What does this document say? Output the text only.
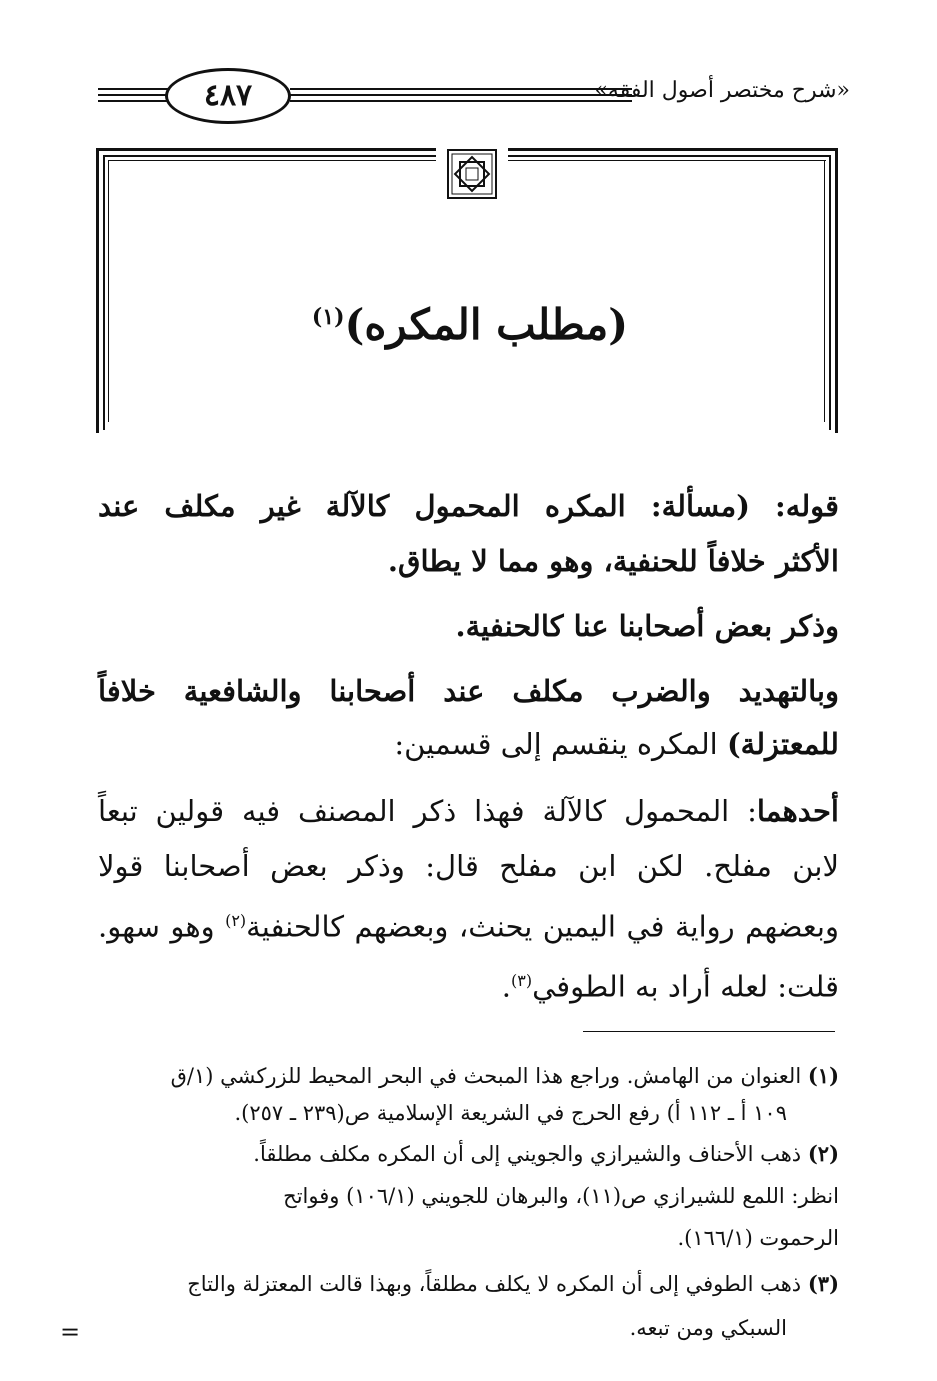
٤٨٧	«شرح مختصر أصول الفقه»
(مطلب المكره)$^{(١)}$
قوله: (مسألة: المكره المحمول كالآلة غير مكلف عند
الأكثر خلافاً للحنفية، وهو مما لا يطاق.
وذكر بعض أصحابنا عنا كالحنفية.
وبالتهديد والضرب مكلف عند أصحابنا والشافعية خلافاً
للمعتزلة) المكره ينقسم إلى قسمين:
أحدهما: المحمول كالآلة فهذا ذكر المصنف فيه قولين تبعاً
لابن مفلح. لكن ابن مفلح قال: وذكر بعض أصحابنا قولا
وبعضهم رواية في اليمين يحنث، وبعضهم كالحنفية$^{(٢)}$ وهو سهو.
قلت: لعله أراد به الطوفي$^{(٣)}$.
(١) العنوان من الهامش. وراجع هذا المبحث في البحر المحيط للزركشي (١/ق
١٠٩ أ ـ ١١٢ أ) رفع الحرج في الشريعة الإسلامية ص(٢٣٩ ـ ٢٥٧).
(٢) ذهب الأحناف والشيرازي والجويني إلى أن المكره مكلف مطلقاً.
انظر: اللمع للشيرازي ص(١١)، والبرهان للجويني (١٠٦/١) وفواتح
الرحموت (١٦٦/١).
(٣) ذهب الطوفي إلى أن المكره لا يكلف مطلقاً، وبهذا قالت المعتزلة والتاج
السبكي ومن تبعه.
=
